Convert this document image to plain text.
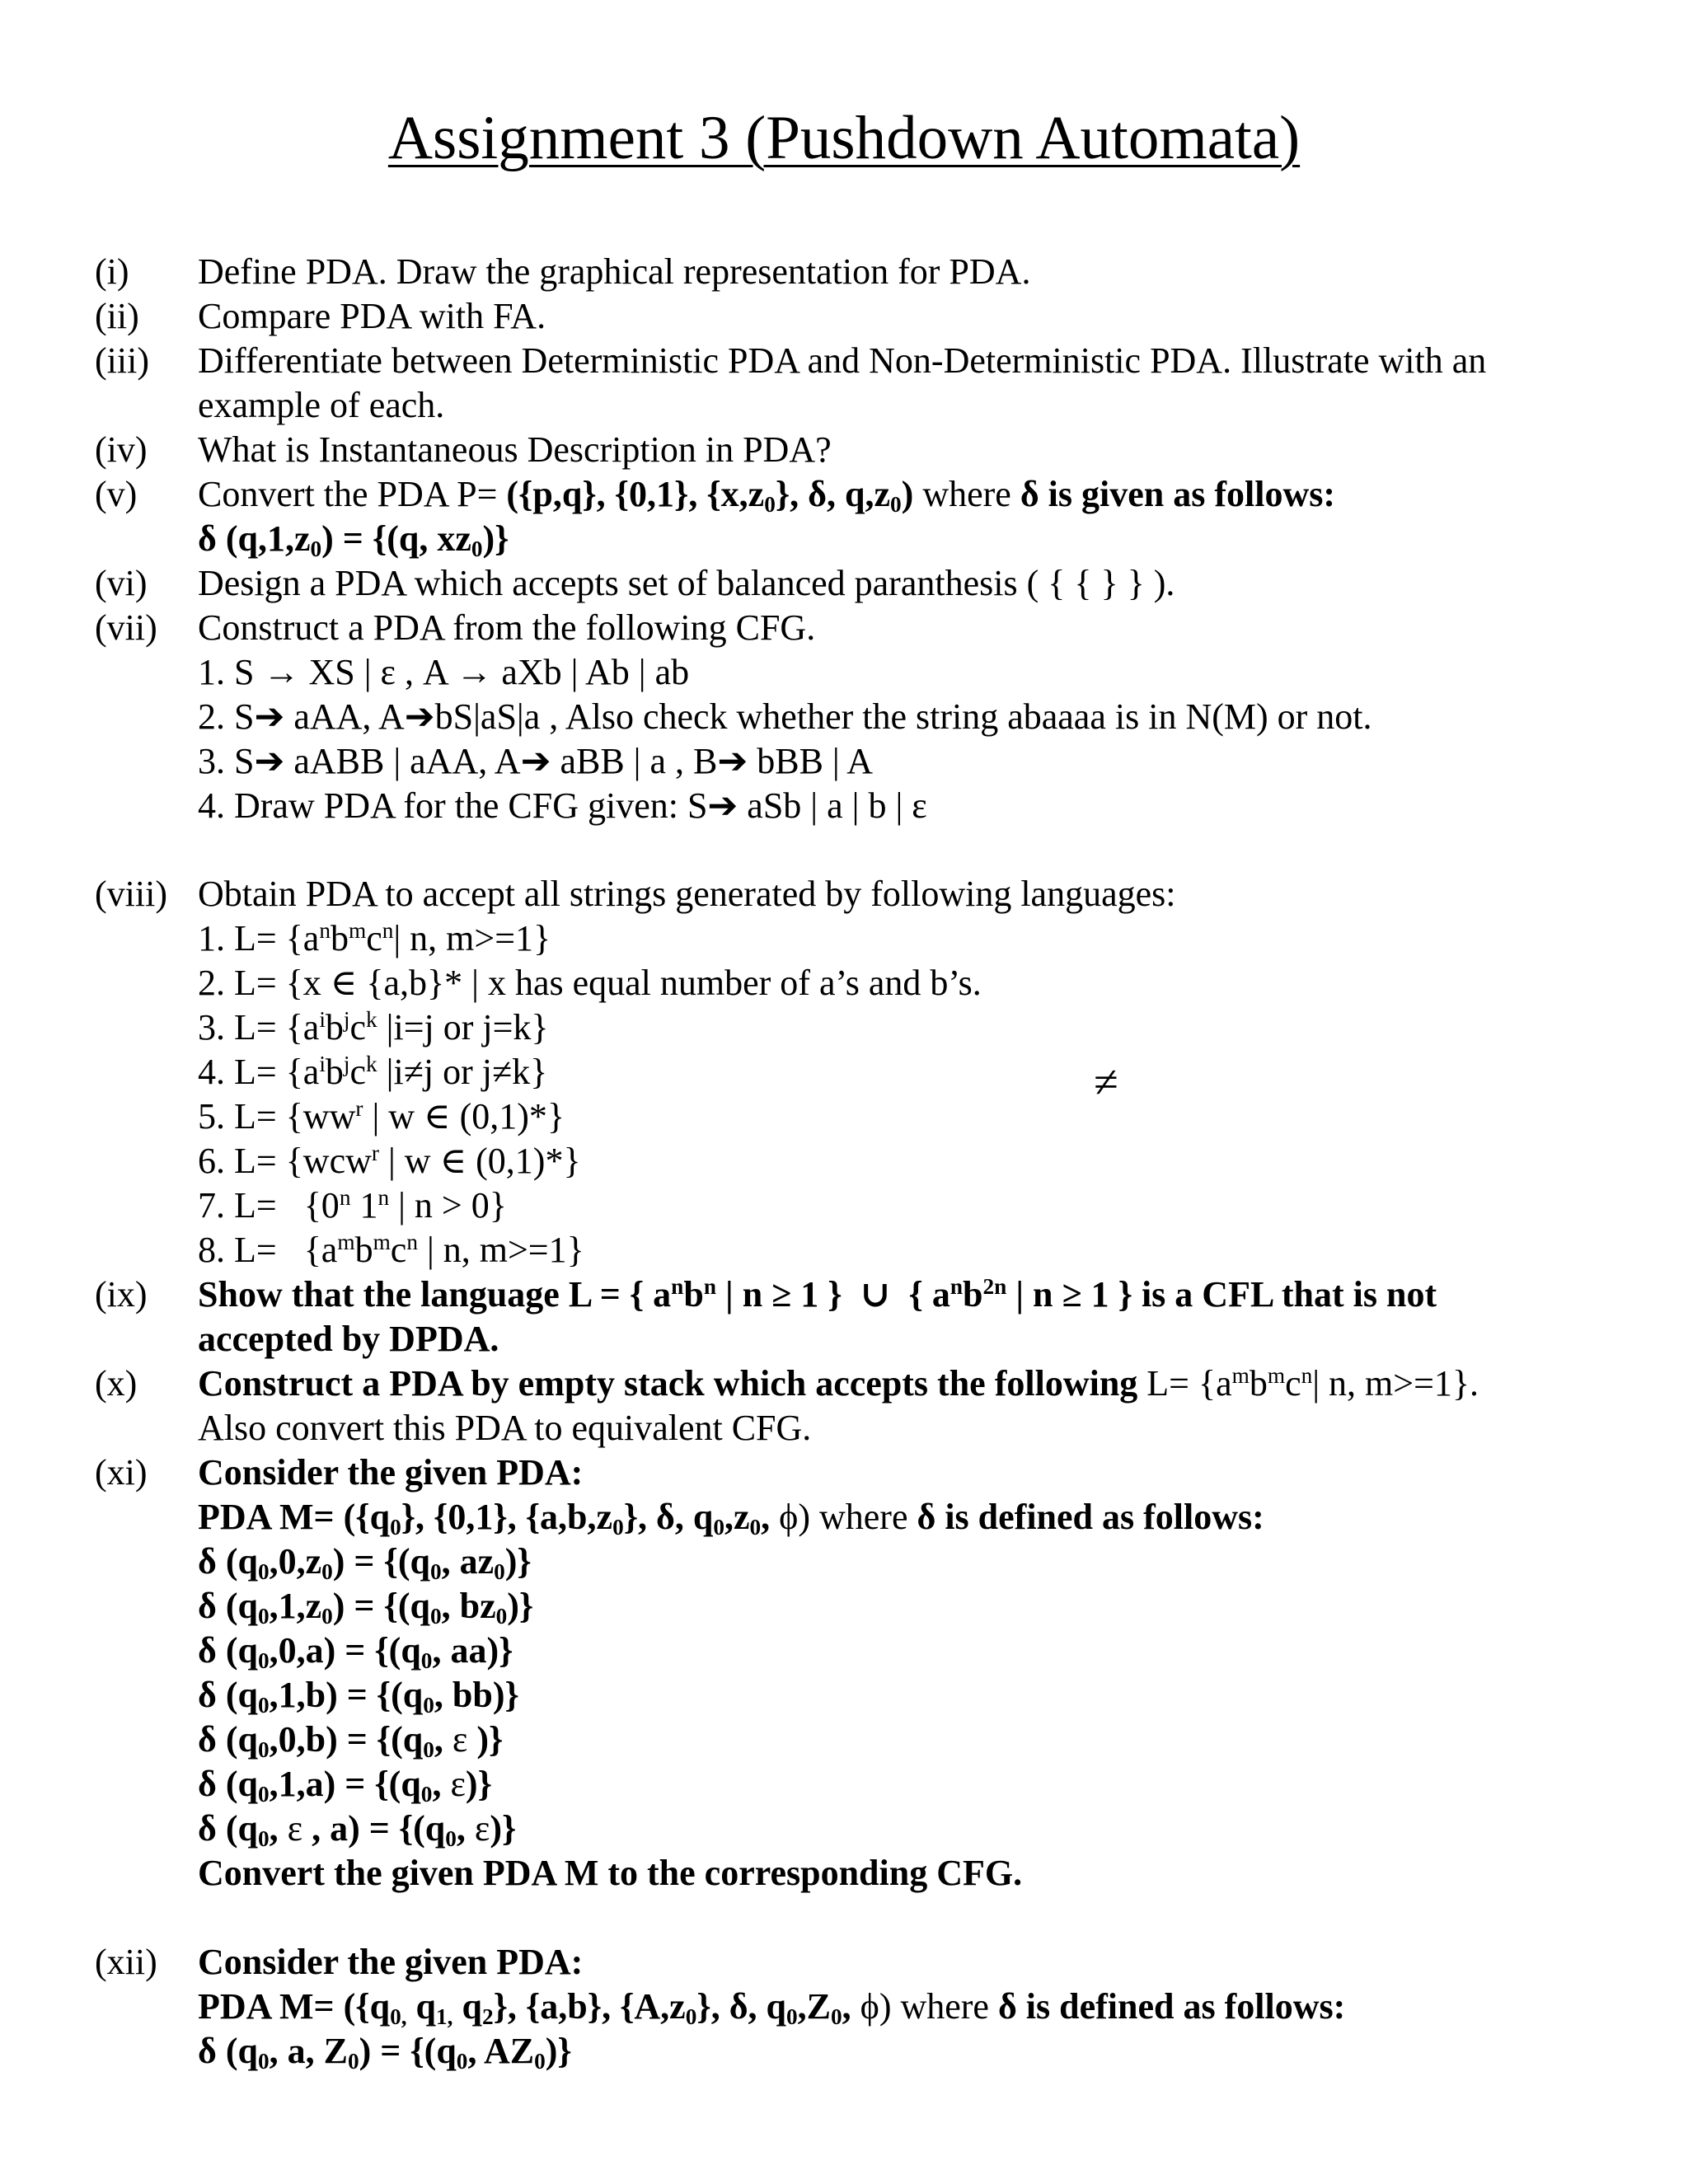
Assignment 3 (Pushdown Automata)
(i) Define PDA. Draw the graphical representation for PDA.
(ii) Compare PDA with FA.
(iii) Differentiate between Deterministic PDA and Non-Deterministic PDA. Illustrate with an
example of each.
(iv) What is Instantaneous Description in PDA?
(v) Convert the PDA P= ({p,q}, {0,1}, $\{x,z_0\}$, δ, $q,z_0$) where δ is given as follows:
δ $(q,1,z_0) = \{(q$, $xz_0$)}
(vi) Design a PDA which accepts set of balanced paranthesis ( { { } } ).
(vii) Construct a PDA from the following CFG.
1. S → XS | ε , A → aXb | Ab | ab
2. S➔ aAA, A➔bS|aS|a , Also check whether the string abaaaa is in N(M) or not.
3. S➔ aABB | aAA, A➔ aBB | a , B➔ bBB | A
4. Draw PDA for the CFG given: S➔ aSb | a | b | ε
(viii) Obtain PDA to accept all strings generated by following languages:
1. $L= \{a^nb^mc^n|$ n, m>=1}
2. L= {x ∈ {a,b}* | x has equal number of a’s and b’s.
3. $L= \{a^ib^jc^k$ |i=j or j=k}
4. $L= \{a^ib^jc^k$ |i≠j or j≠k}	≠
5. $L= \{ww^r$ | w ∈ (0,1)*}
6. L= {wcw$^r$ | w ∈ (0,1)*}
7. L=   {0$^n$ 1$^n$ | n > 0}
8. $L= \{a^mb^mc^n$ | n, m>=1}
(ix) Show that the language L = { $a^nb^n$ | n ≥ 1 }  ∪  { $a^nb^{2n}$ | n ≥ 1 } is a CFL that is not
accepted by DPDA.
(x) Construct a PDA by empty stack which accepts the following $L= \{a^mb^mc^n|$ n, m>=1}.
Also convert this PDA to equivalent CFG.
(xi) Consider the given PDA:
PDA $M= (\{q_0\}$, {0,1}, $\{a,b,z_0\}$, δ, $q_0,z_0$, ϕ) where δ is defined as follows:
δ $(q_0,0,z_0) = \{(q_0$, $az_0$)}
δ $(q_0,1,z_0) = \{(q_0$, $bz_0$)}
δ $(q_0,0,a) = \{(q_0$, aa)}
δ $(q_0,1,b) = \{(q_0$, bb)}
δ $(q_0,0,b) = \{(q_0$, ε )}
δ $(q_0,1,a) = \{(q_0$, ε)}
δ ($q_0$, ε , $a) = \{(q_0$, ε)}
Convert the given PDA M to the corresponding CFG.
(xii) Consider the given PDA:
PDA $M= (\{q_{0,}$ $q_{1,}$ $q_2$}, {a,b}, $\{A,z_0\}$, δ, $q_0,Z_0$, ϕ) where δ is defined as follows:
δ ($q_0$, a, $Z_0) = \{(q_0$, $AZ_0$)}
